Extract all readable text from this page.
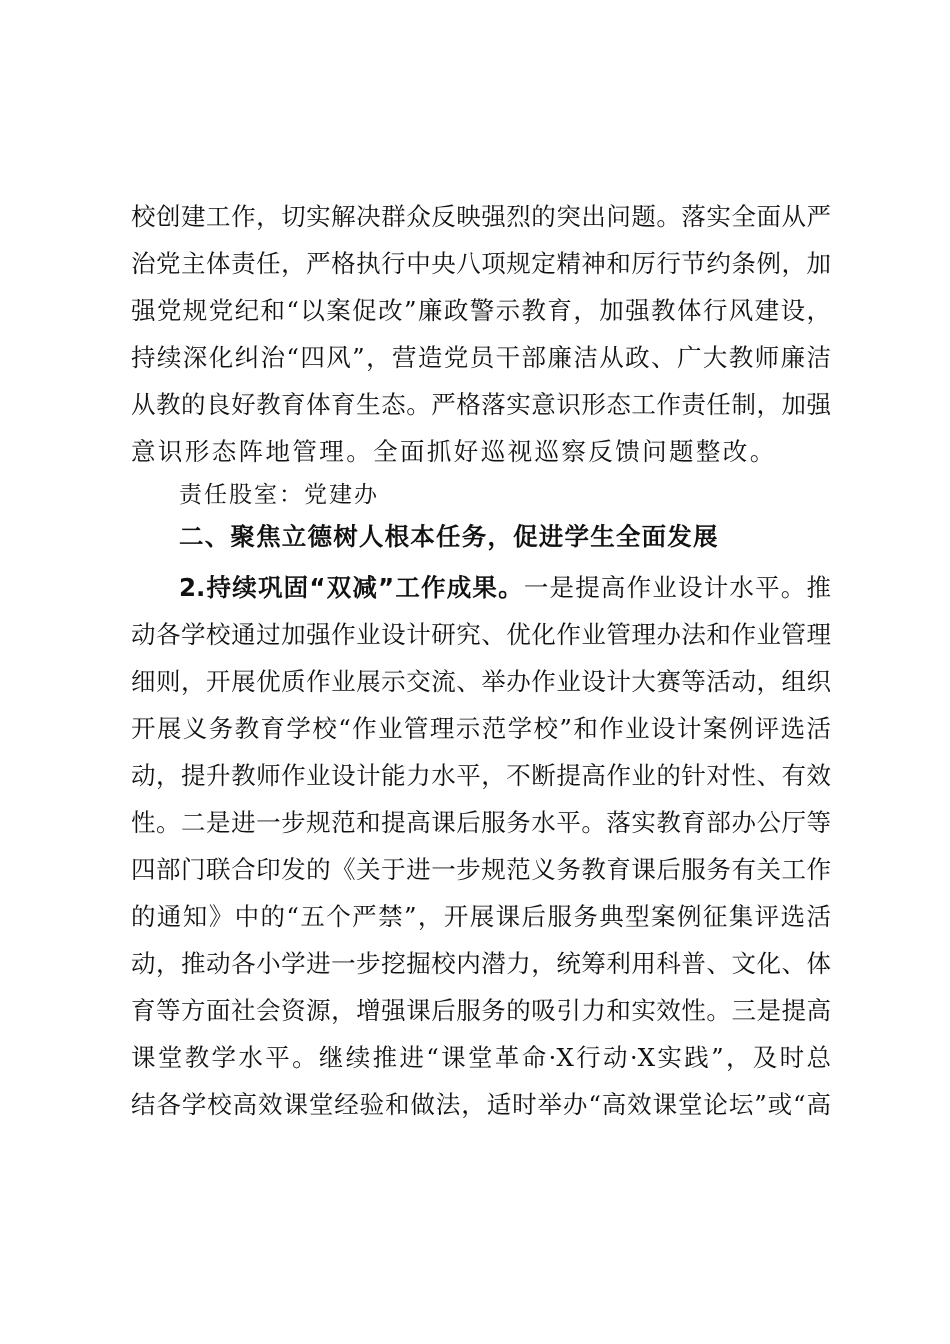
校创建工作，切实解决群众反映强烈的突出问题。落实全面从严
治党主体责任，严格执行中央八项规定精神和厉行节约条例，加
强党规党纪和“以案促改”廉政警示教育，加强教体行风建设，
持续深化纠治“四风”，营造党员干部廉洁从政、广大教师廉洁
从教的良好教育体育生态。严格落实意识形态工作责任制，加强
意识形态阵地管理。全面抓好巡视巡察反馈问题整改。
责任股室：党建办
二、聚焦立德树人根本任务，促进学生全面发展
2.持续巩固“双减”工作成果。一是提高作业设计水平。推
动各学校通过加强作业设计研究、优化作业管理办法和作业管理
细则，开展优质作业展示交流、举办作业设计大赛等活动，组织
开展义务教育学校“作业管理示范学校”和作业设计案例评选活
动，提升教师作业设计能力水平，不断提高作业的针对性、有效
性。二是进一步规范和提高课后服务水平。落实教育部办公厅等
四部门联合印发的《关于进一步规范义务教育课后服务有关工作
的通知》中的“五个严禁”，开展课后服务典型案例征集评选活
动，推动各小学进一步挖掘校内潜力，统筹利用科普、文化、体
育等方面社会资源，增强课后服务的吸引力和实效性。三是提高
课堂教学水平。继续推进“课堂革命·X行动·X实践”，及时总
结各学校高效课堂经验和做法，适时举办“高效课堂论坛”或“高
